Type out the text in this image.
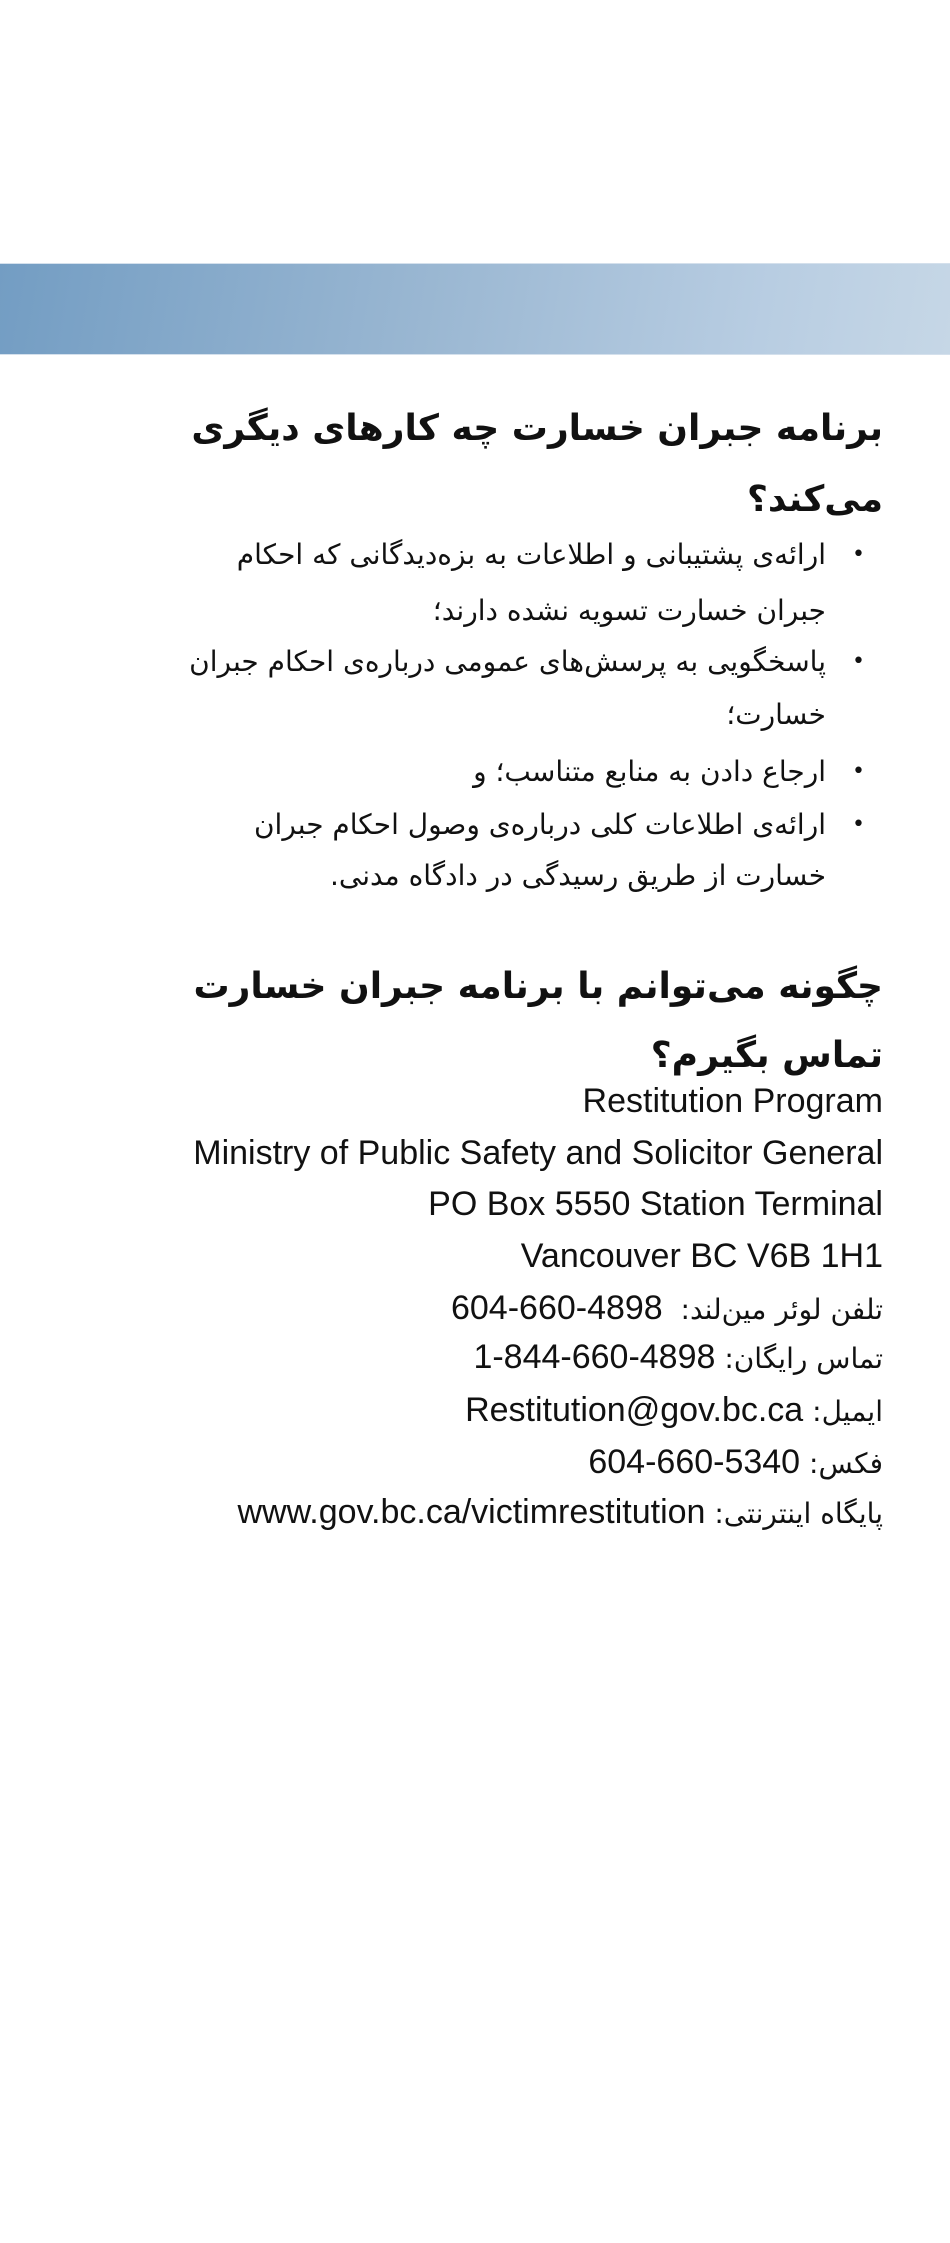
برنامه جبران خسارت چه کارهای دیگری
می‌کند؟
•
ارائه‌ی پشتیبانی و اطلاعات به بزه‌دیدگانی که احکام
جبران خسارت تسویه نشده دارند؛
•
پاسخگویی به پرسش‌های عمومی درباره‌ی احکام جبران
خسارت؛
•
ارجاع دادن به منابع متناسب؛ و
•
ارائه‌ی اطلاعات کلی درباره‌ی وصول احکام جبران
خسارت از طریق رسیدگی در دادگاه مدنی.
چگونه می‌توانم با برنامه جبران خسارت
تماس بگیرم؟
Restitution Program
Ministry of Public Safety and Solicitor General
PO Box 5550 Station Terminal
Vancouver BC V6B 1H1
تلفن لوئر مین‌لند:  604-660-4898
تماس رایگان: 1-844-660-4898
ایمیل: Restitution@gov.bc.ca
فکس: 604-660-5340
پایگاه اینترنتی: www.gov.bc.ca/victimrestitution
